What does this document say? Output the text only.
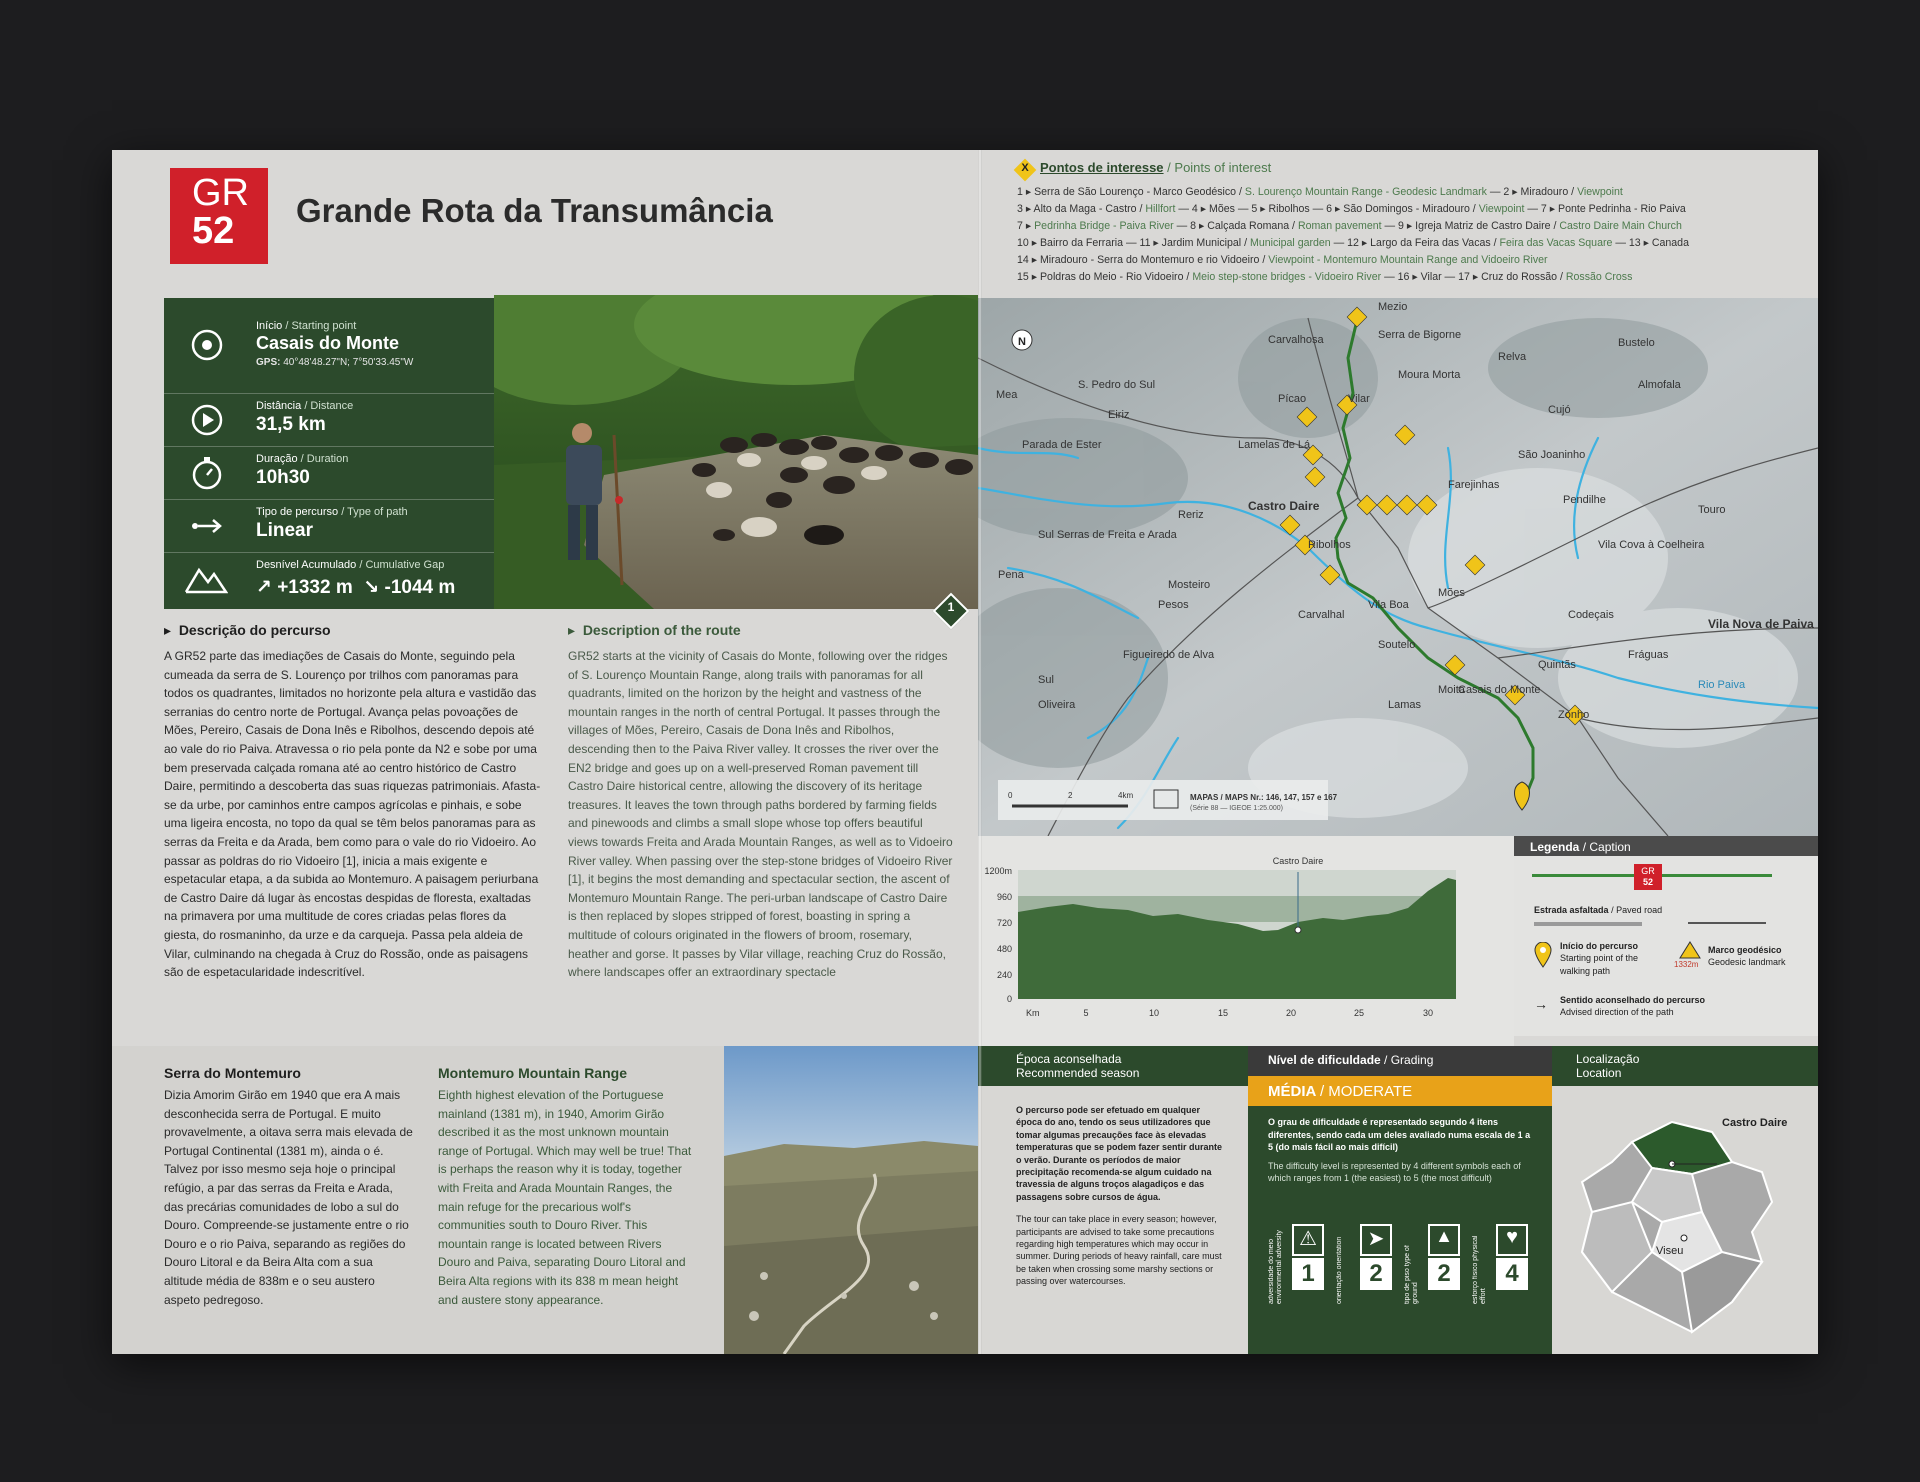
GR
52	Grande Rota da Transumância
Início / Starting point
Casais do Monte
GPS: 40°48'48.27"N; 7°50'33.45"W
Distância / Distance
31,5 km
Duração / Duration
10h30
Tipo de percurso / Type of path
Linear
Desnível Acumulado / Cumulative Gap
↗ +1332 m ↘ -1044 m
1
▸  Descrição do percurso
A GR52 parte das imediações de Casais do Monte, seguindo pela cumeada da serra de S. Lourenço por trilhos com panoramas para todos os quadrantes, limitados no horizonte pela altura e vastidão das serranias do centro norte de Portugal. Avança pelas povoações de Mões, Pereiro, Casais de Dona Inês e Ribolhos, descendo depois até ao vale do rio Paiva. Atravessa o rio pela ponte da N2 e sobe por uma bem preservada calçada romana até ao centro histórico de Castro Daire, permitindo a descoberta das suas riquezas patrimoniais. Afasta-se da urbe, por caminhos entre campos agrícolas e pinhais, e sobe uma ligeira encosta, no topo da qual se têm belos panoramas para as serras da Freita e da Arada, bem como para o vale do rio Vidoeiro. Ao passar as poldras do rio Vidoeiro [1], inicia a mais exigente e espetacular etapa, a da subida ao Montemuro. A paisagem periurbana de Castro Daire dá lugar às encostas despidas de floresta, exaltadas na primavera por uma multitude de cores criadas pelas flores da giesta, do rosmaninho, da urze e da carqueja. Passa pela aldeia de Vilar, culminando na chegada à Cruz do Rossão, onde as paisagens são de espetacularidade indescritível.
▸  Description of the route
GR52 starts at the vicinity of Casais do Monte, following over the ridges of S. Lourenço Mountain Range, along trails with panoramas for all quadrants, limited on the horizon by the height and vastness of the mountain ranges in the north of central Portugal. It passes through the villages of Mões, Pereiro, Casais de Dona Inês and Ribolhos, descending then to the Paiva River valley. It crosses the river over the EN2 bridge and goes up on a well-preserved Roman pavement till Castro Daire historical centre, allowing the discovery of its heritage treasures. It leaves the town through paths bordered by farming fields and pinewoods and climbs a small slope whose top offers beautiful views towards Freita and Arada Mountain Ranges, as well as to Vidoeiro River valley. When passing over the step-stone bridges of Vidoeiro River [1], it begins the most demanding and spectacular section, the ascent of Montemuro Mountain Range. The peri-urban landscape of Castro Daire is then replaced by slopes stripped of forest, boasting in spring a multitude of colours originated in the flowers of broom, rosemary, heather and gorse. It passes by Vilar village, reaching Cruz do Rossão, where landscapes offer an extraordinary spectacle
Serra do Montemuro
Dizia Amorim Girão em 1940 que era A mais desconhecida serra de Portugal. E muito provavelmente, a oitava serra mais elevada de Portugal Continental (1381 m), ainda o é. Talvez por isso mesmo seja hoje o principal refúgio, a par das serras da Freita e Arada, das precárias comunidades de lobo a sul do Douro. Compreende-se justamente entre o rio Douro e o rio Paiva, separando as regiões do Douro Litoral e da Beira Alta com a sua altitude média de 838m e o seu austero aspeto pedregoso.
Montemuro Mountain Range
Eighth highest elevation of the Portuguese mainland (1381 m), in 1940, Amorim Girão described it as the most unknown mountain range of Portugal. Which may well be true! That is perhaps the reason why it is today, together with Freita and Arada Mountain Ranges, the main refuge for the precarious wolf's communities south to Douro River. This mountain range is located between Rivers Douro and Paiva, separating Douro Litoral and Beira Alta regions with its 838 m mean height and austere stony appearance.
X Pontos de interesse / Points of interest
1 ▸ Serra de São Lourenço - Marco Geodésico / S. Lourenço Mountain Range - Geodesic Landmark — 2 ▸ Miradouro / Viewpoint
3 ▸ Alto da Maga - Castro / Hillfort — 4 ▸ Mões — 5 ▸ Ribolhos — 6 ▸ São Domingos - Miradouro / Viewpoint — 7 ▸ Ponte Pedrinha - Rio Paiva
7 ▸ Pedrinha Bridge - Paiva River — 8 ▸ Calçada Romana / Roman pavement — 9 ▸ Igreja Matriz de Castro Daire / Castro Daire Main Church
10 ▸ Bairro da Ferraria — 11 ▸ Jardim Municipal / Municipal garden — 12 ▸ Largo da Feira das Vacas / Feira das Vacas Square — 13 ▸ Canada
14 ▸ Miradouro - Serra do Montemuro e rio Vidoeiro / Viewpoint - Montemuro Mountain Range and Vidoeiro River
15 ▸ Poldras do Meio - Rio Vidoeiro / Meio step-stone bridges - Vidoeiro River — 16 ▸ Vilar — 17 ▸ Cruz do Rossão / Rossão Cross
N
Mezio
Carvalhosa	Serra de Bigorne
Moura Morta
Relva
Bustelo
Almofala
Mea
S. Pedro do Sul
Pícao	Vilar
Cujó
Eiriz
Parada de Ester	Lamelas de Lá
São Joaninho
Farejinhas
Reriz
Castro Daire	Pendilhe
Touro
Sul Serras de Freita e Arada
Ribolhos	Vila Cova à Coelheira
Mosteiro
Mões
Pena
Vila Boa
Pesos
Carvalhal	Codeçais
Vila Nova de Paiva
Soutelo
Figueiredo de Alva	Fráguas
Sul
Quintãs
Casais do Monte
Oliveira	Lamas
Moita
Zonho
Rio Paiva
0	2	4km	MAPAS / MAPS Nr.: 146, 147, 157 e 167
(Série 88 — IGEOE 1:25.000)
Castro Daire
1200m
960
720
480
240
0
Km	5	10	15	20	25	30
Legenda / Caption
GR
52
Estrada asfaltada / Paved road
Início do percurso
Starting point of the walking path
1332m
Marco geodésico
Geodesic landmark
→ Sentido aconselhado do percurso
Advised direction of the path
Época aconselhada
Recommended season
O percurso pode ser efetuado em qualquer época do ano, tendo os seus utilizadores que tomar algumas precauções face às elevadas temperaturas que se podem fazer sentir durante o verão. Durante os períodos de maior precipitação recomenda-se algum cuidado na travessia de alguns troços alagadiços e das passagens sobre cursos de água.
The tour can take place in every season; however, participants are advised to take some precautions regarding high temperatures which may occur in summer. During periods of heavy rainfall, care must be taken when crossing some marshy sections or passing over watercourses.
Nível de dificuldade / Grading
MÉDIA / MODERATE
O grau de dificuldade é representado segundo 4 itens diferentes, sendo cada um deles avaliado numa escala de 1 a 5 (do mais fácil ao mais difícil)
The difficulty level is represented by 4 different symbols each of which ranges from 1 (the easiest) to 5 (the most difficult)
adversidade do meio environmental adversity ⚠
1	orientação orientation	➤
2	tipo de piso type of ground
▲
2	esforço físico physical effort
♥
4
Localização
Location
Castro Daire
Viseu
